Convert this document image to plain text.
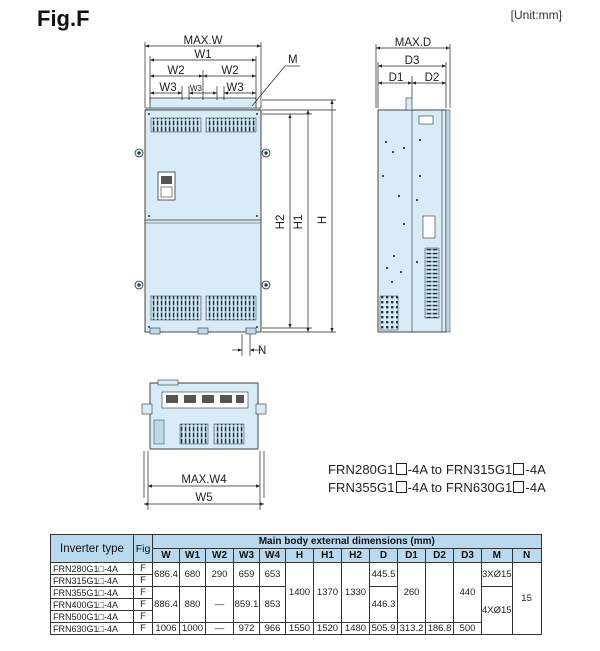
Fig.F	[Unit:mm]
MAX.W
W1
W2	W2
W3 W3 W3
M
H2 H1 H
N
MAX.D
D3
D1 D2
MAX.W4
W5
FRN280G1 -4A to FRN315G1 -4A
FRN355G1 -4A to FRN630G1 -4A
Inverter type	Fig	Main body external dimensions (mm)													
		W	W1	W2	W3	W4	H	H1	H2	D	D1	D2	D3	M	N
FRN280G1□-4A	F	686.4	680	290	659	653	1400	1370	1330	445.5	260		440	3XØ15	15
FRN315G1□-4A	F														
FRN355G1□-4A	F	886.4	880	—	859.1	853				446.3				4XØ15	
FRN400G1□-4A	F														
FRN500G1□-4A	F														
FRN630G1□-4A	F	1006	1000	—	972	966	1550	1520	1480	505.9	313.2	186.8	500		
